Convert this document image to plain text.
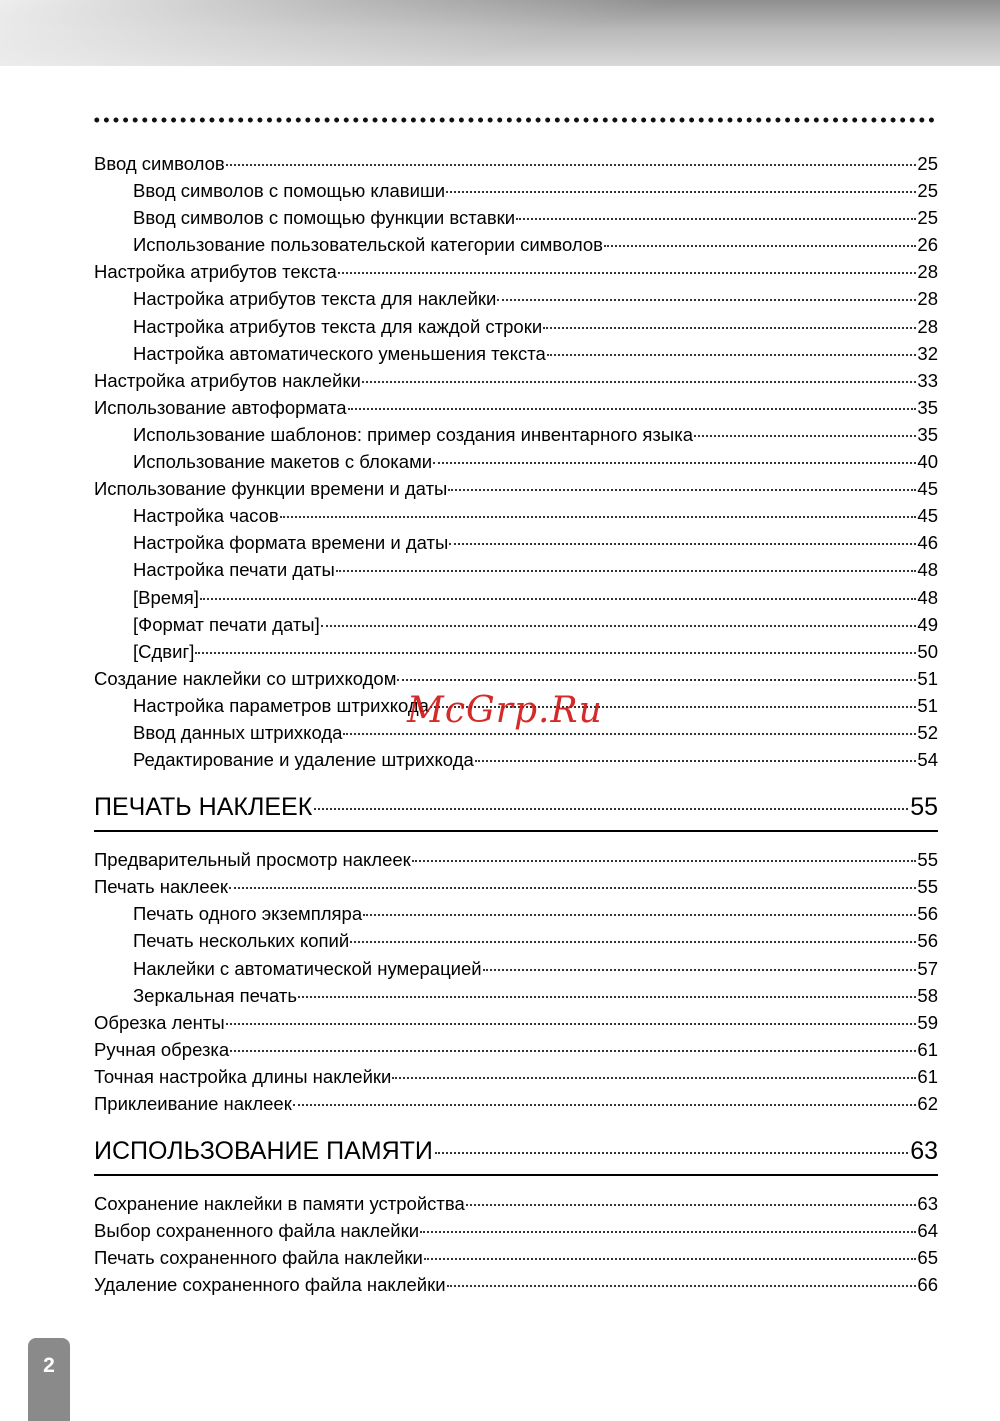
Ввод символов	25
Ввод символов с помощью клавиши	25
Ввод символов с помощью функции вставки	25
Использование пользовательской категории символов	26
Настройка атрибутов текста	28
Настройка атрибутов текста для наклейки	28
Настройка атрибутов текста для каждой строки	28
Настройка автоматического уменьшения текста	32
Настройка атрибутов наклейки	33
Использование автоформата	35
Использование шаблонов: пример создания инвентарного языка	35
Использование макетов с блоками	40
Использование функции времени и даты	45
Настройка часов	45
Настройка формата времени и даты	46
Настройка печати даты	48
[Время]	48
[Формат печати даты]	49
[Сдвиг]	50
Создание наклейки со штрихкодом	51
Настройка параметров штрихкода	51
Ввод данных штрихкода	52
Редактирование и удаление штрихкода	54
ПЕЧАТЬ НАКЛЕЕК	55
Предварительный просмотр наклеек	55
Печать наклеек	55
Печать одного экземпляра	56
Печать нескольких копий	56
Наклейки с автоматической нумерацией	57
Зеркальная печать	58
Обрезка ленты	59
Ручная обрезка	61
Точная настройка длины наклейки	61
Приклеивание наклеек	62
ИСПОЛЬЗОВАНИЕ ПАМЯТИ	63
Сохранение наклейки в памяти устройства	63
Выбор сохраненного файла наклейки	64
Печать сохраненного файла наклейки	65
Удаление сохраненного файла наклейки	66
McGrp.Ru
2
